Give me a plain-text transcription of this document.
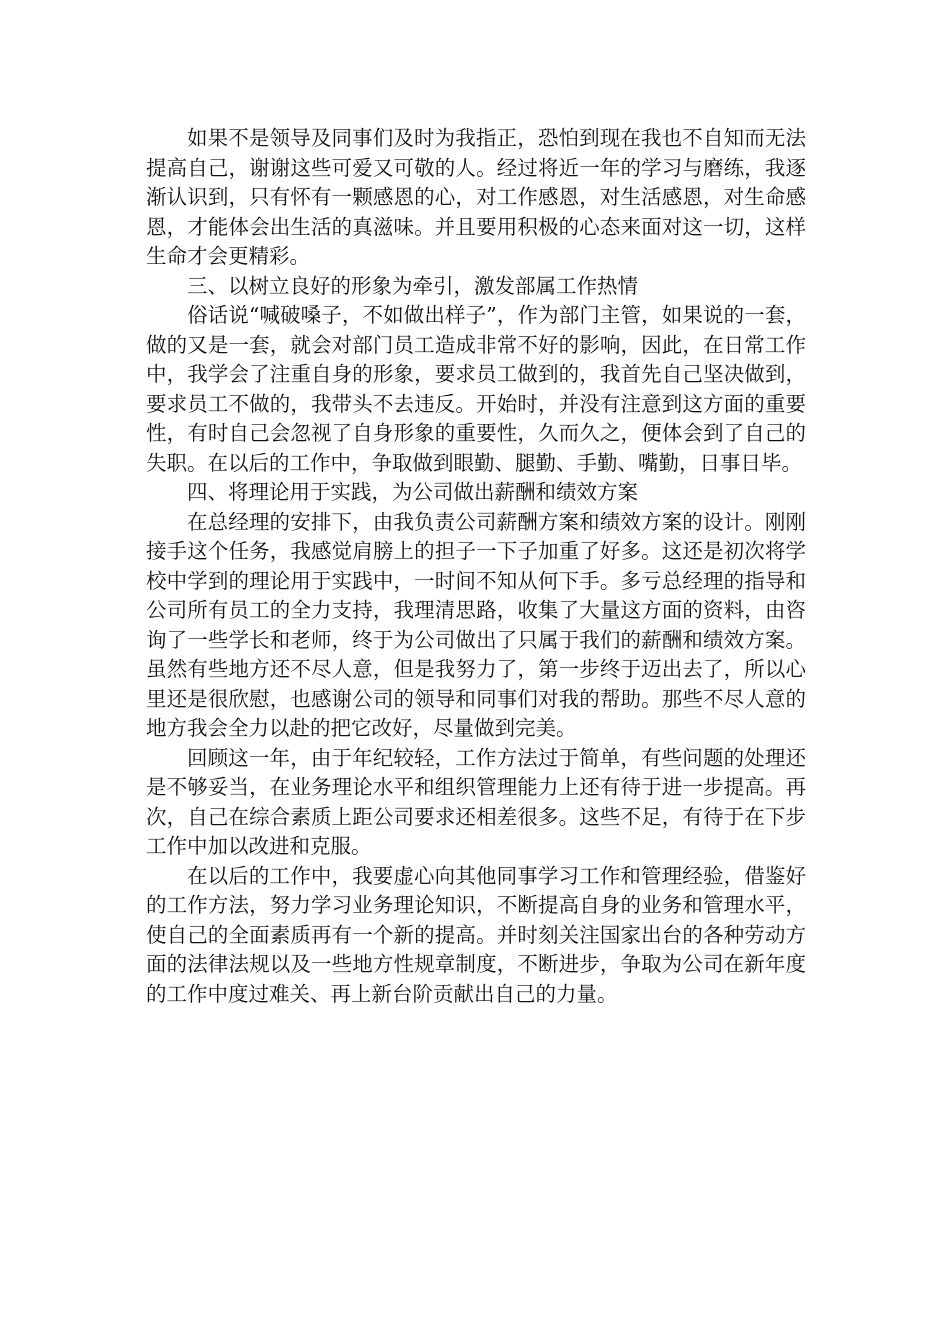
如果不是领导及同事们及时为我指正，恐怕到现在我也不自知而无法提高自己，谢谢这些可爱又可敬的人。经过将近一年的学习与磨练，我逐渐认识到，只有怀有一颗感恩的心，对工作感恩，对生活感恩，对生命感恩，才能体会出生活的真滋味。并且要用积极的心态来面对这一切，这样生命才会更精彩。

三、以树立良好的形象为牵引，激发部属工作热情

俗话说“喊破嗓子，不如做出样子”，作为部门主管，如果说的一套，做的又是一套，就会对部门员工造成非常不好的影响，因此，在日常工作中，我学会了注重自身的形象，要求员工做到的，我首先自己坚决做到，要求员工不做的，我带头不去违反。开始时，并没有注意到这方面的重要性，有时自己会忽视了自身形象的重要性，久而久之，便体会到了自己的失职。在以后的工作中，争取做到眼勤、腿勤、手勤、嘴勤，日事日毕。

四、将理论用于实践，为公司做出薪酬和绩效方案

在总经理的安排下，由我负责公司薪酬方案和绩效方案的设计。刚刚接手这个任务，我感觉肩膀上的担子一下子加重了好多。这还是初次将学校中学到的理论用于实践中，一时间不知从何下手。多亏总经理的指导和公司所有员工的全力支持，我理清思路，收集了大量这方面的资料，由咨询了一些学长和老师，终于为公司做出了只属于我们的薪酬和绩效方案。虽然有些地方还不尽人意，但是我努力了，第一步终于迈出去了，所以心里还是很欣慰，也感谢公司的领导和同事们对我的帮助。那些不尽人意的地方我会全力以赴的把它改好，尽量做到完美。

回顾这一年，由于年纪较轻，工作方法过于简单，有些问题的处理还是不够妥当，在业务理论水平和组织管理能力上还有待于进一步提高。再次，自己在综合素质上距公司要求还相差很多。这些不足，有待于在下步工作中加以改进和克服。

在以后的工作中，我要虚心向其他同事学习工作和管理经验，借鉴好的工作方法，努力学习业务理论知识，不断提高自身的业务和管理水平，使自己的全面素质再有一个新的提高。并时刻关注国家出台的各种劳动方面的法律法规以及一些地方性规章制度，不断进步，争取为公司在新年度的工作中度过难关、再上新台阶贡献出自己的力量。
